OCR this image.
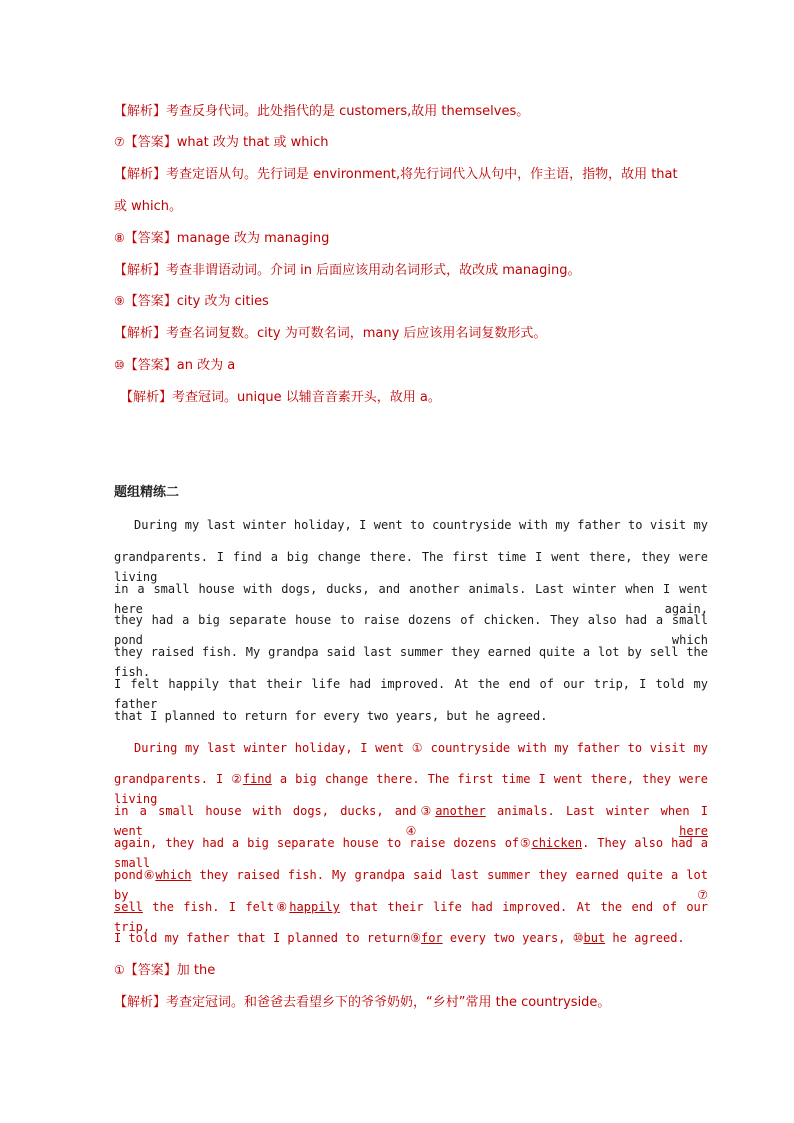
【解析】考查反身代词。此处指代的是 customers,故用 themselves。
⑦【答案】what 改为 that 或 which
【解析】考查定语从句。先行词是 environment,将先行词代入从句中，作主语，指物，故用 that
或 which。
⑧【答案】manage 改为 managing
【解析】考查非谓语动词。介词 in 后面应该用动名词形式，故改成 managing。
⑨【答案】city 改为 cities
【解析】考查名词复数。city 为可数名词，many 后应该用名词复数形式。
⑩【答案】an 改为 a
【解析】考查冠词。unique 以辅音音素开头，故用 a。
题组精练二
During my last winter holiday, I went to countryside with my father to visit my
grandparents. I find a big change there. The first time I went there, they were living
in a small house with dogs, ducks, and another animals. Last winter when I went here again,
they had a big separate house to raise dozens of chicken. They also had a small pond which
they raised fish. My grandpa said last summer they earned quite a lot by sell the fish.
I felt happily that their life had improved. At the end of our trip, I told my father
that I planned to return for every two years, but he agreed.
During my last winter holiday, I went ① countryside with my father to visit my
grandparents. I ②find a big change there. The first time I went there, they were living
in a small house with dogs, ducks, and③another animals. Last winter when I went④here
again, they had a big separate house to raise dozens of⑤chicken. They also had a small
pond⑥which they raised fish. My grandpa said last summer they earned quite a lot by⑦
sell the fish. I felt⑧happily that their life had improved. At the end of our trip,
I told my father that I planned to return⑨for every two years, ⑩but he agreed.
①【答案】加 the
【解析】考查定冠词。和爸爸去看望乡下的爷爷奶奶，“乡村”常用 the countryside。
